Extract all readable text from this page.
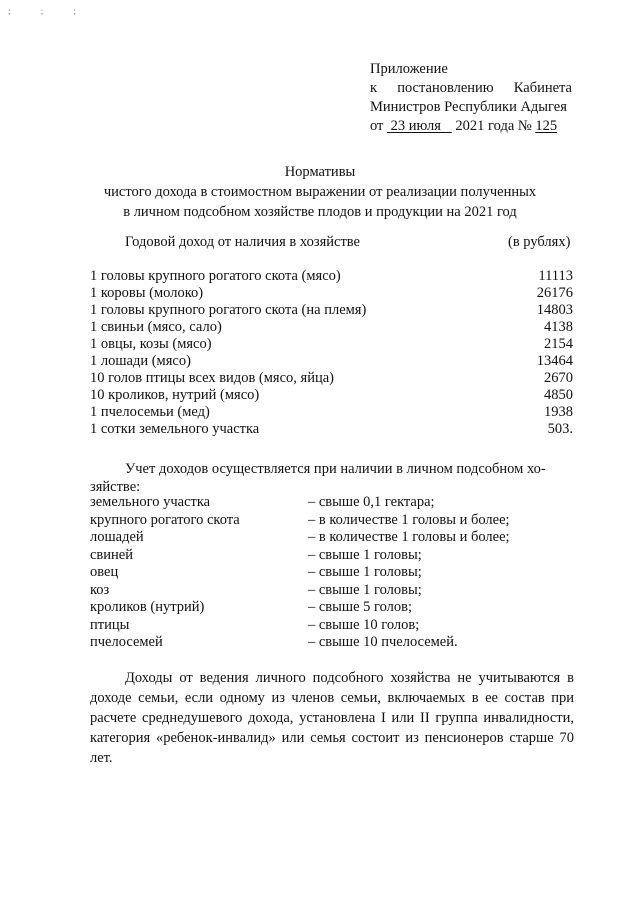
; ; ;
Приложение
к постановлению Кабинета
Министров Республики Адыгея
от 23 июля 2021 года № 125
Нормативы
чистого дохода в стоимостном выражении от реализации полученных
в личном подсобном хозяйстве плодов и продукции на 2021 год
Годовой доход от наличия в хозяйстве	(в рублях)
1 головы крупного рогатого скота (мясо)	11113
1 коровы (молоко)	26176
1 головы крупного рогатого скота (на племя)	14803
1 свиньи (мясо, сало)	4138
1 овцы, козы (мясо)	2154
1 лошади (мясо)	13464
10 голов птицы всех видов (мясо, яйца)	2670
10 кроликов, нутрий (мясо)	4850
1 пчелосемьи (мед)	1938
1 сотки земельного участка	503.
Учет доходов осуществляется при наличии в личном подсобном хо-
зяйстве:
земельного участка	– свыше 0,1 гектара;
крупного рогатого скота	– в количестве 1 головы и более;
лошадей	– в количестве 1 головы и более;
свиней	– свыше 1 головы;
овец	– свыше 1 головы;
коз	– свыше 1 головы;
кроликов (нутрий)	– свыше 5 голов;
птицы	– свыше 10 голов;
пчелосемей	– свыше 10 пчелосемей.
Доходы от ведения личного подсобного хозяйства не учитываются в доходе семьи, если одному из членов семьи, включаемых в ее состав при расчете среднедушевого дохода, установлена I или II группа инвалидности, категория «ребенок-инвалид» или семья состоит из пенсионеров старше 70 лет.
